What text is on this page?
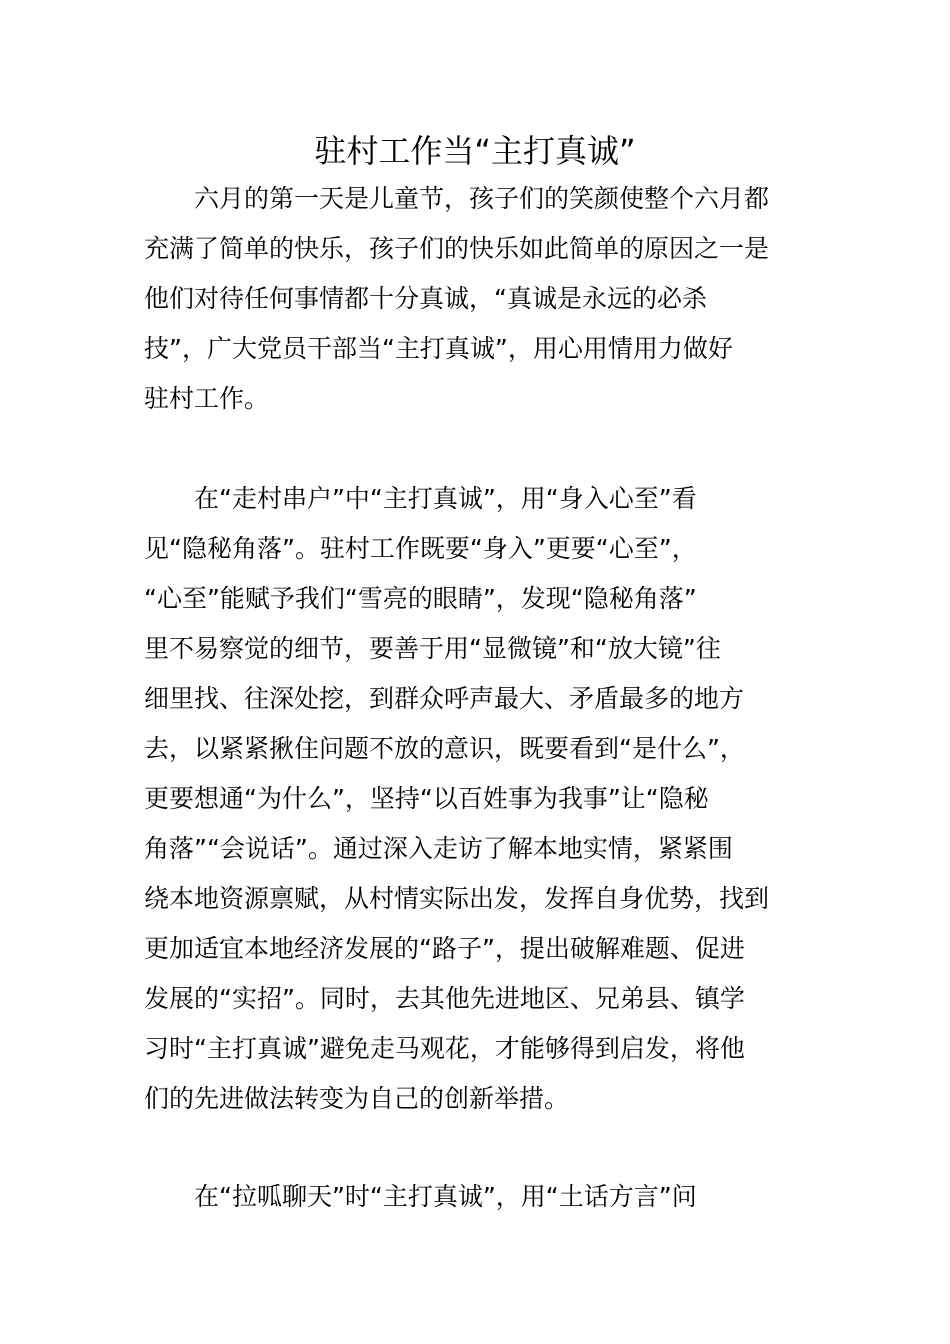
驻村工作当“主打真诚”
　　六月的第一天是儿童节，孩子们的笑颜使整个六月都
充满了简单的快乐，孩子们的快乐如此简单的原因之一是
他们对待任何事情都十分真诚，“真诚是永远的必杀
技”，广大党员干部当“主打真诚”，用心用情用力做好
驻村工作。
　　在“走村串户”中“主打真诚”，用“身入心至”看
见“隐秘角落”。驻村工作既要“身入”更要“心至”，
“心至”能赋予我们“雪亮的眼睛”，发现“隐秘角落”
里不易察觉的细节，要善于用“显微镜”和“放大镜”往
细里找、往深处挖，到群众呼声最大、矛盾最多的地方
去，以紧紧揪住问题不放的意识，既要看到“是什么”，
更要想通“为什么”，坚持“以百姓事为我事”让“隐秘
角落”“会说话”。通过深入走访了解本地实情，紧紧围
绕本地资源禀赋，从村情实际出发，发挥自身优势，找到
更加适宜本地经济发展的“路子”，提出破解难题、促进
发展的“实招”。同时，去其他先进地区、兄弟县、镇学
习时“主打真诚”避免走马观花，才能够得到启发，将他
们的先进做法转变为自己的创新举措。
　　在“拉呱聊天”时“主打真诚”，用“土话方言”问
